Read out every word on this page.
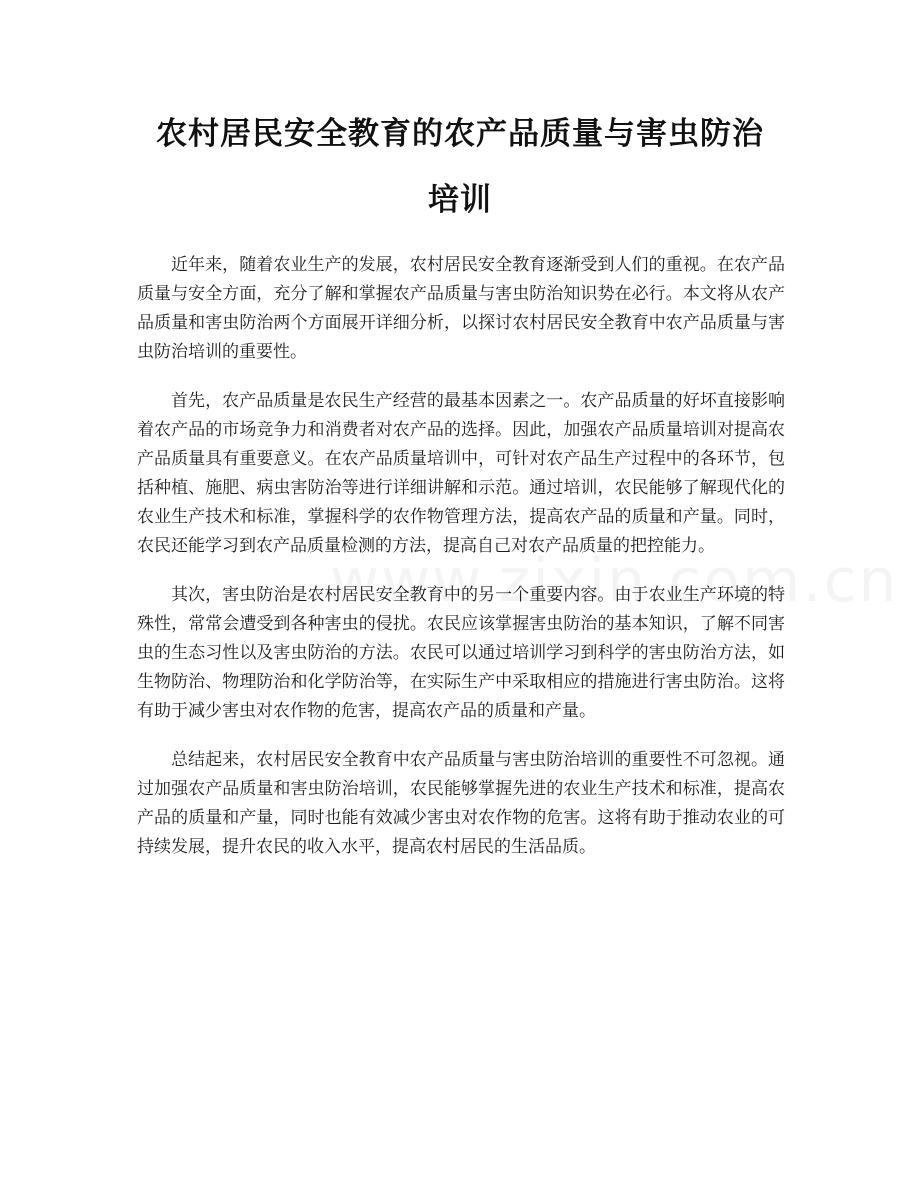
农村居民安全教育的农产品质量与害虫防治
培训

近年来，随着农业生产的发展，农村居民安全教育逐渐受到人们的重视。在农产品质量与安全方面，充分了解和掌握农产品质量与害虫防治知识势在必行。本文将从农产品质量和害虫防治两个方面展开详细分析，以探讨农村居民安全教育中农产品质量与害虫防治培训的重要性。

首先，农产品质量是农民生产经营的最基本因素之一。农产品质量的好坏直接影响着农产品的市场竞争力和消费者对农产品的选择。因此，加强农产品质量培训对提高农产品质量具有重要意义。在农产品质量培训中，可针对农产品生产过程中的各环节，包括种植、施肥、病虫害防治等进行详细讲解和示范。通过培训，农民能够了解现代化的农业生产技术和标准，掌握科学的农作物管理方法，提高农产品的质量和产量。同时，农民还能学习到农产品质量检测的方法，提高自己对农产品质量的把控能力。

其次，害虫防治是农村居民安全教育中的另一个重要内容。由于农业生产环境的特殊性，常常会遭受到各种害虫的侵扰。农民应该掌握害虫防治的基本知识，了解不同害虫的生态习性以及害虫防治的方法。农民可以通过培训学习到科学的害虫防治方法，如生物防治、物理防治和化学防治等，在实际生产中采取相应的措施进行害虫防治。这将有助于减少害虫对农作物的危害，提高农产品的质量和产量。

总结起来，农村居民安全教育中农产品质量与害虫防治培训的重要性不可忽视。通过加强农产品质量和害虫防治培训，农民能够掌握先进的农业生产技术和标准，提高农产品的质量和产量，同时也能有效减少害虫对农作物的危害。这将有助于推动农业的可持续发展，提升农民的收入水平，提高农村居民的生活品质。
